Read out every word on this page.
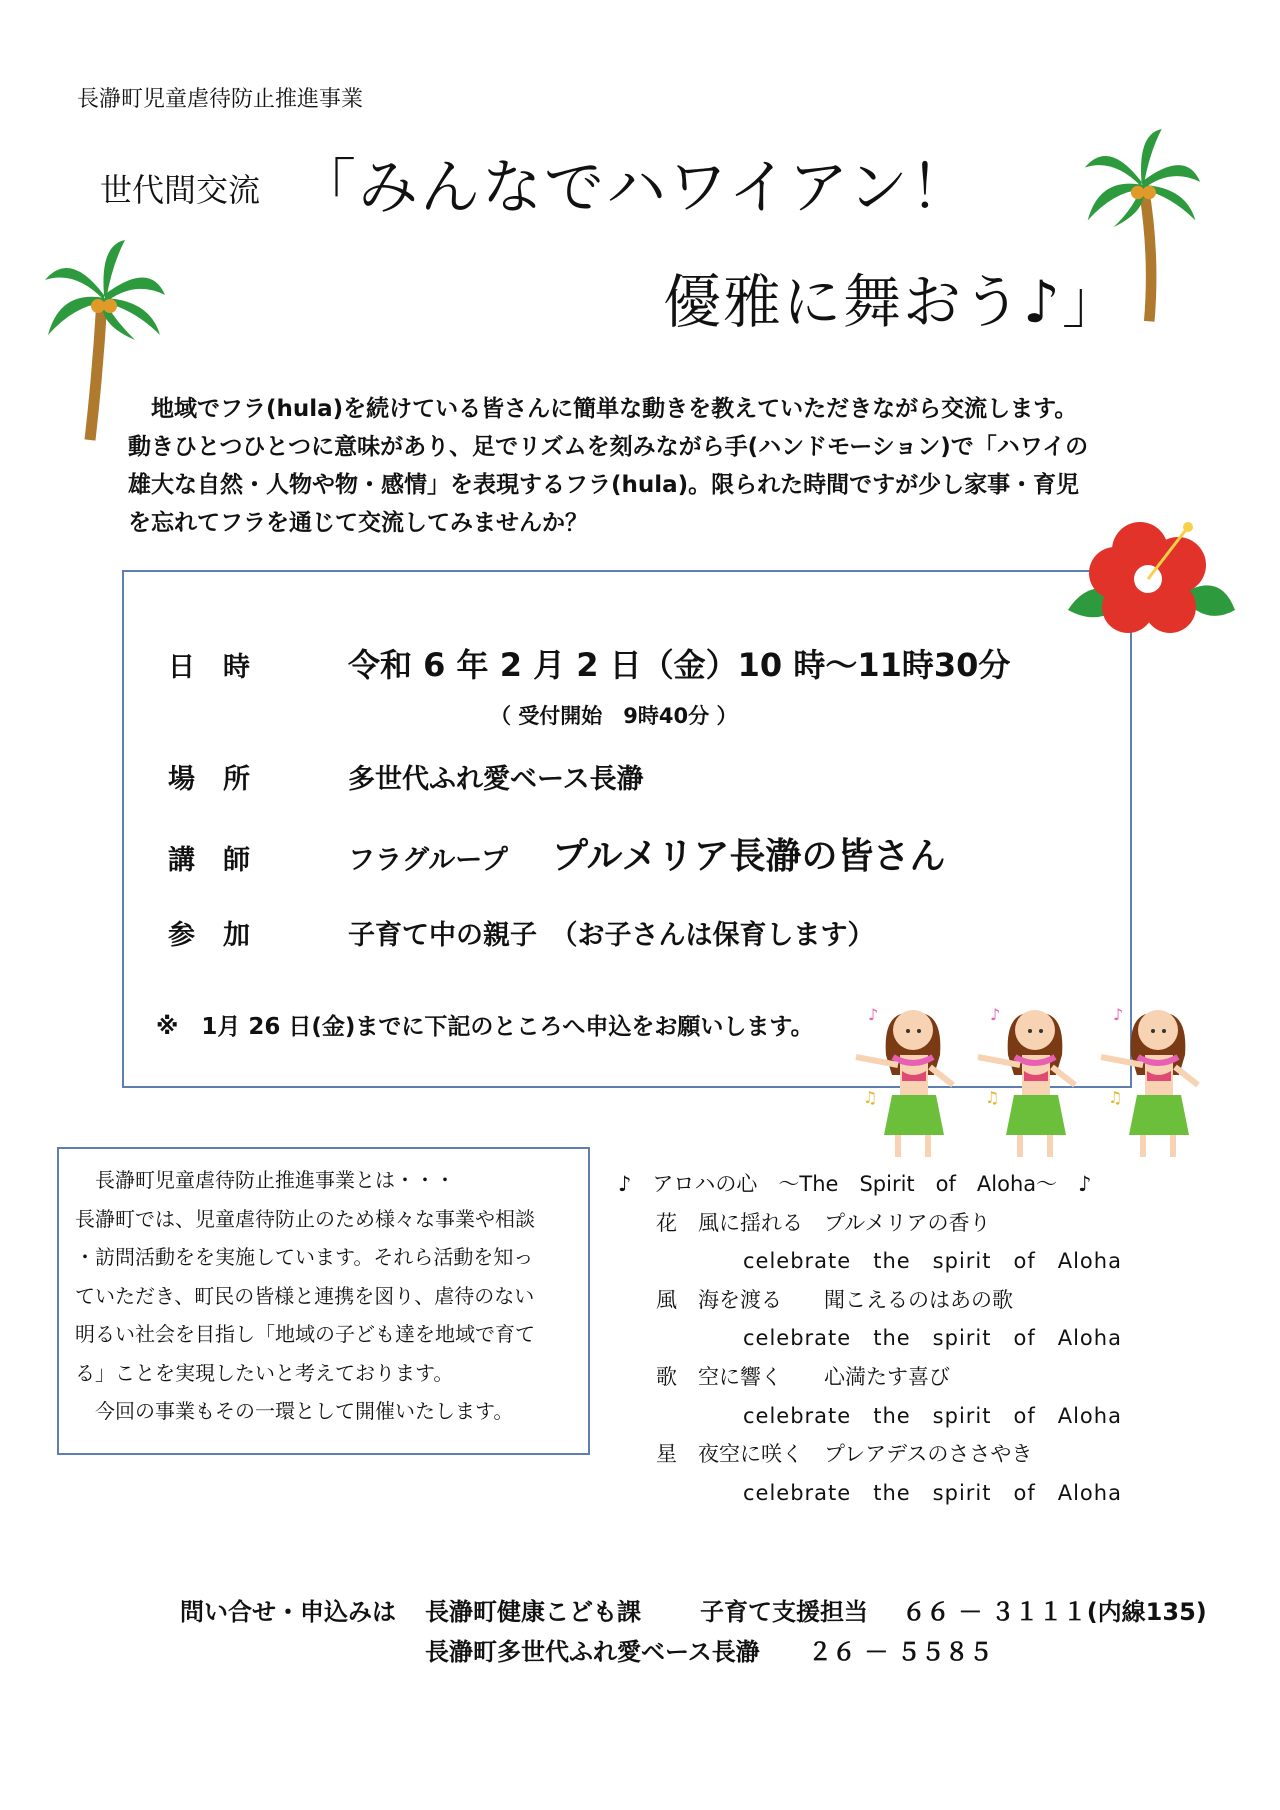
長瀞町児童虐待防止推進事業
世代間交流 「みんなでハワイアン！
優雅に舞おう♪」

　地域でフラ(hula)を続けている皆さんに簡単な動きを教えていただきながら交流します。

動きひとつひとつに意味があり、足でリズムを刻みながら手(ハンドモーション)で「ハワイの

雄大な自然・人物や物・感情」を表現するフラ(hula)。限られた時間ですが少し家事・育児

を忘れてフラを通じて交流してみませんか？

日時 令和 6 年 2 月 2 日（金）10 時～11時30分
（ 受付開始　9時40分 ）
場所	多世代ふれ愛ベース長瀞
講師	フラグループ プルメリア長瀞の皆さん
参加	子育て中の親子　（お子さんは保育します）
※　1月 26 日(金)までに下記のところへ申込をお願いします。	♪
♫

　長瀞町児童虐待防止推進事業とは・・・

長瀞町では、児童虐待防止のため様々な事業や相談

・訪問活動をを実施しています。それら活動を知っ

ていただき、町民の皆様と連携を図り、虐待のない

明るい社会を目指し「地域の子ども達を地域で育て

る」ことを実現したいと考えております。

　今回の事業もその一環として開催いたします。

♪　アロハの心　～The　Spirit　of　Aloha～　♪
花　風に揺れる　プルメリアの香り
celebrate　the　spirit　of　Aloha
風　海を渡る　　聞こえるのはあの歌
celebrate　the　spirit　of　Aloha
歌　空に響く　　心満たす喜び
celebrate　the　spirit　of　Aloha
星　夜空に咲く　プレアデスのささやき
celebrate　the　spirit　of　Aloha
問い合せ・申込みは 長瀞町健康こども課 子育て支援担当 ６６ － ３１１１(内線135)
長瀞町多世代ふれ愛ベース長瀞 ２６ － ５５８５
